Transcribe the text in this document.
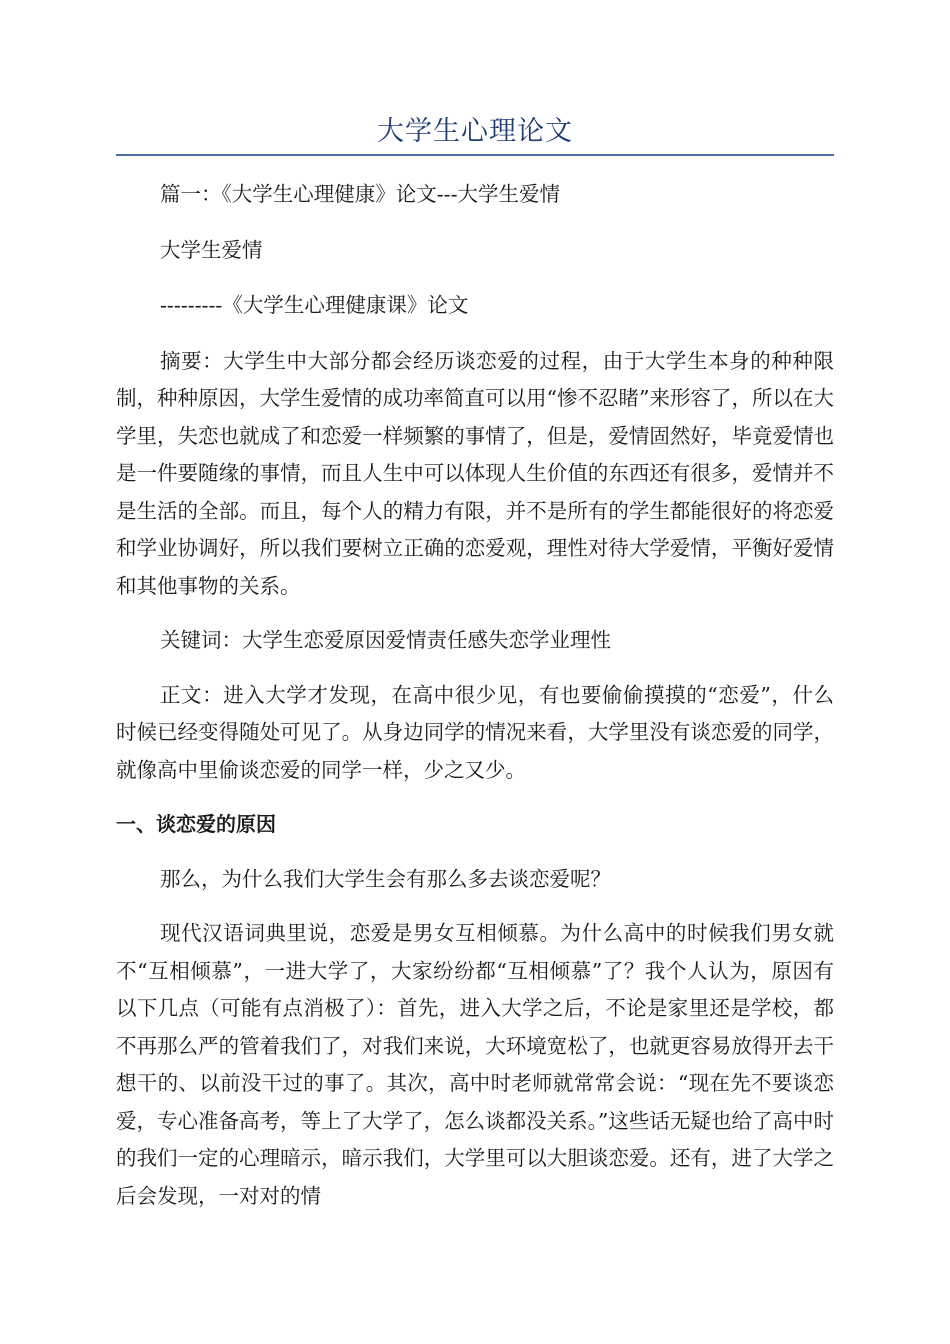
大学生心理论文

篇一：《大学生心理健康》论文---大学生爱情

大学生爱情

---------《大学生心理健康课》论文

摘要：大学生中大部分都会经历谈恋爱的过程，由于大学生本身的种种限制，种种原因，大学生爱情的成功率简直可以用“惨不忍睹”来形容了，所以在大学里，失恋也就成了和恋爱一样频繁的事情了，但是，爱情固然好，毕竟爱情也是一件要随缘的事情，而且人生中可以体现人生价值的东西还有很多，爱情并不是生活的全部。而且，每个人的精力有限，并不是所有的学生都能很好的将恋爱和学业协调好，所以我们要树立正确的恋爱观，理性对待大学爱情，平衡好爱情和其他事物的关系。

关键词：大学生恋爱原因爱情责任感失恋学业理性

正文：进入大学才发现，在高中很少见，有也要偷偷摸摸的“恋爱”，什么时候已经变得随处可见了。从身边同学的情况来看，大学里没有谈恋爱的同学，就像高中里偷谈恋爱的同学一样，少之又少。

一、谈恋爱的原因

那么，为什么我们大学生会有那么多去谈恋爱呢？

现代汉语词典里说，恋爱是男女互相倾慕。为什么高中的时候我们男女就不“互相倾慕”，一进大学了，大家纷纷都“互相倾慕”了？我个人认为，原因有以下几点（可能有点消极了）：首先，进入大学之后，不论是家里还是学校，都不再那么严的管着我们了，对我们来说，大环境宽松了，也就更容易放得开去干想干的、以前没干过的事了。其次，高中时老师就常常会说：“现在先不要谈恋爱，专心准备高考，等上了大学了，怎么谈都没关系。”这些话无疑也给了高中时的我们一定的心理暗示，暗示我们，大学里可以大胆谈恋爱。还有，进了大学之后会发现，一对对的情
